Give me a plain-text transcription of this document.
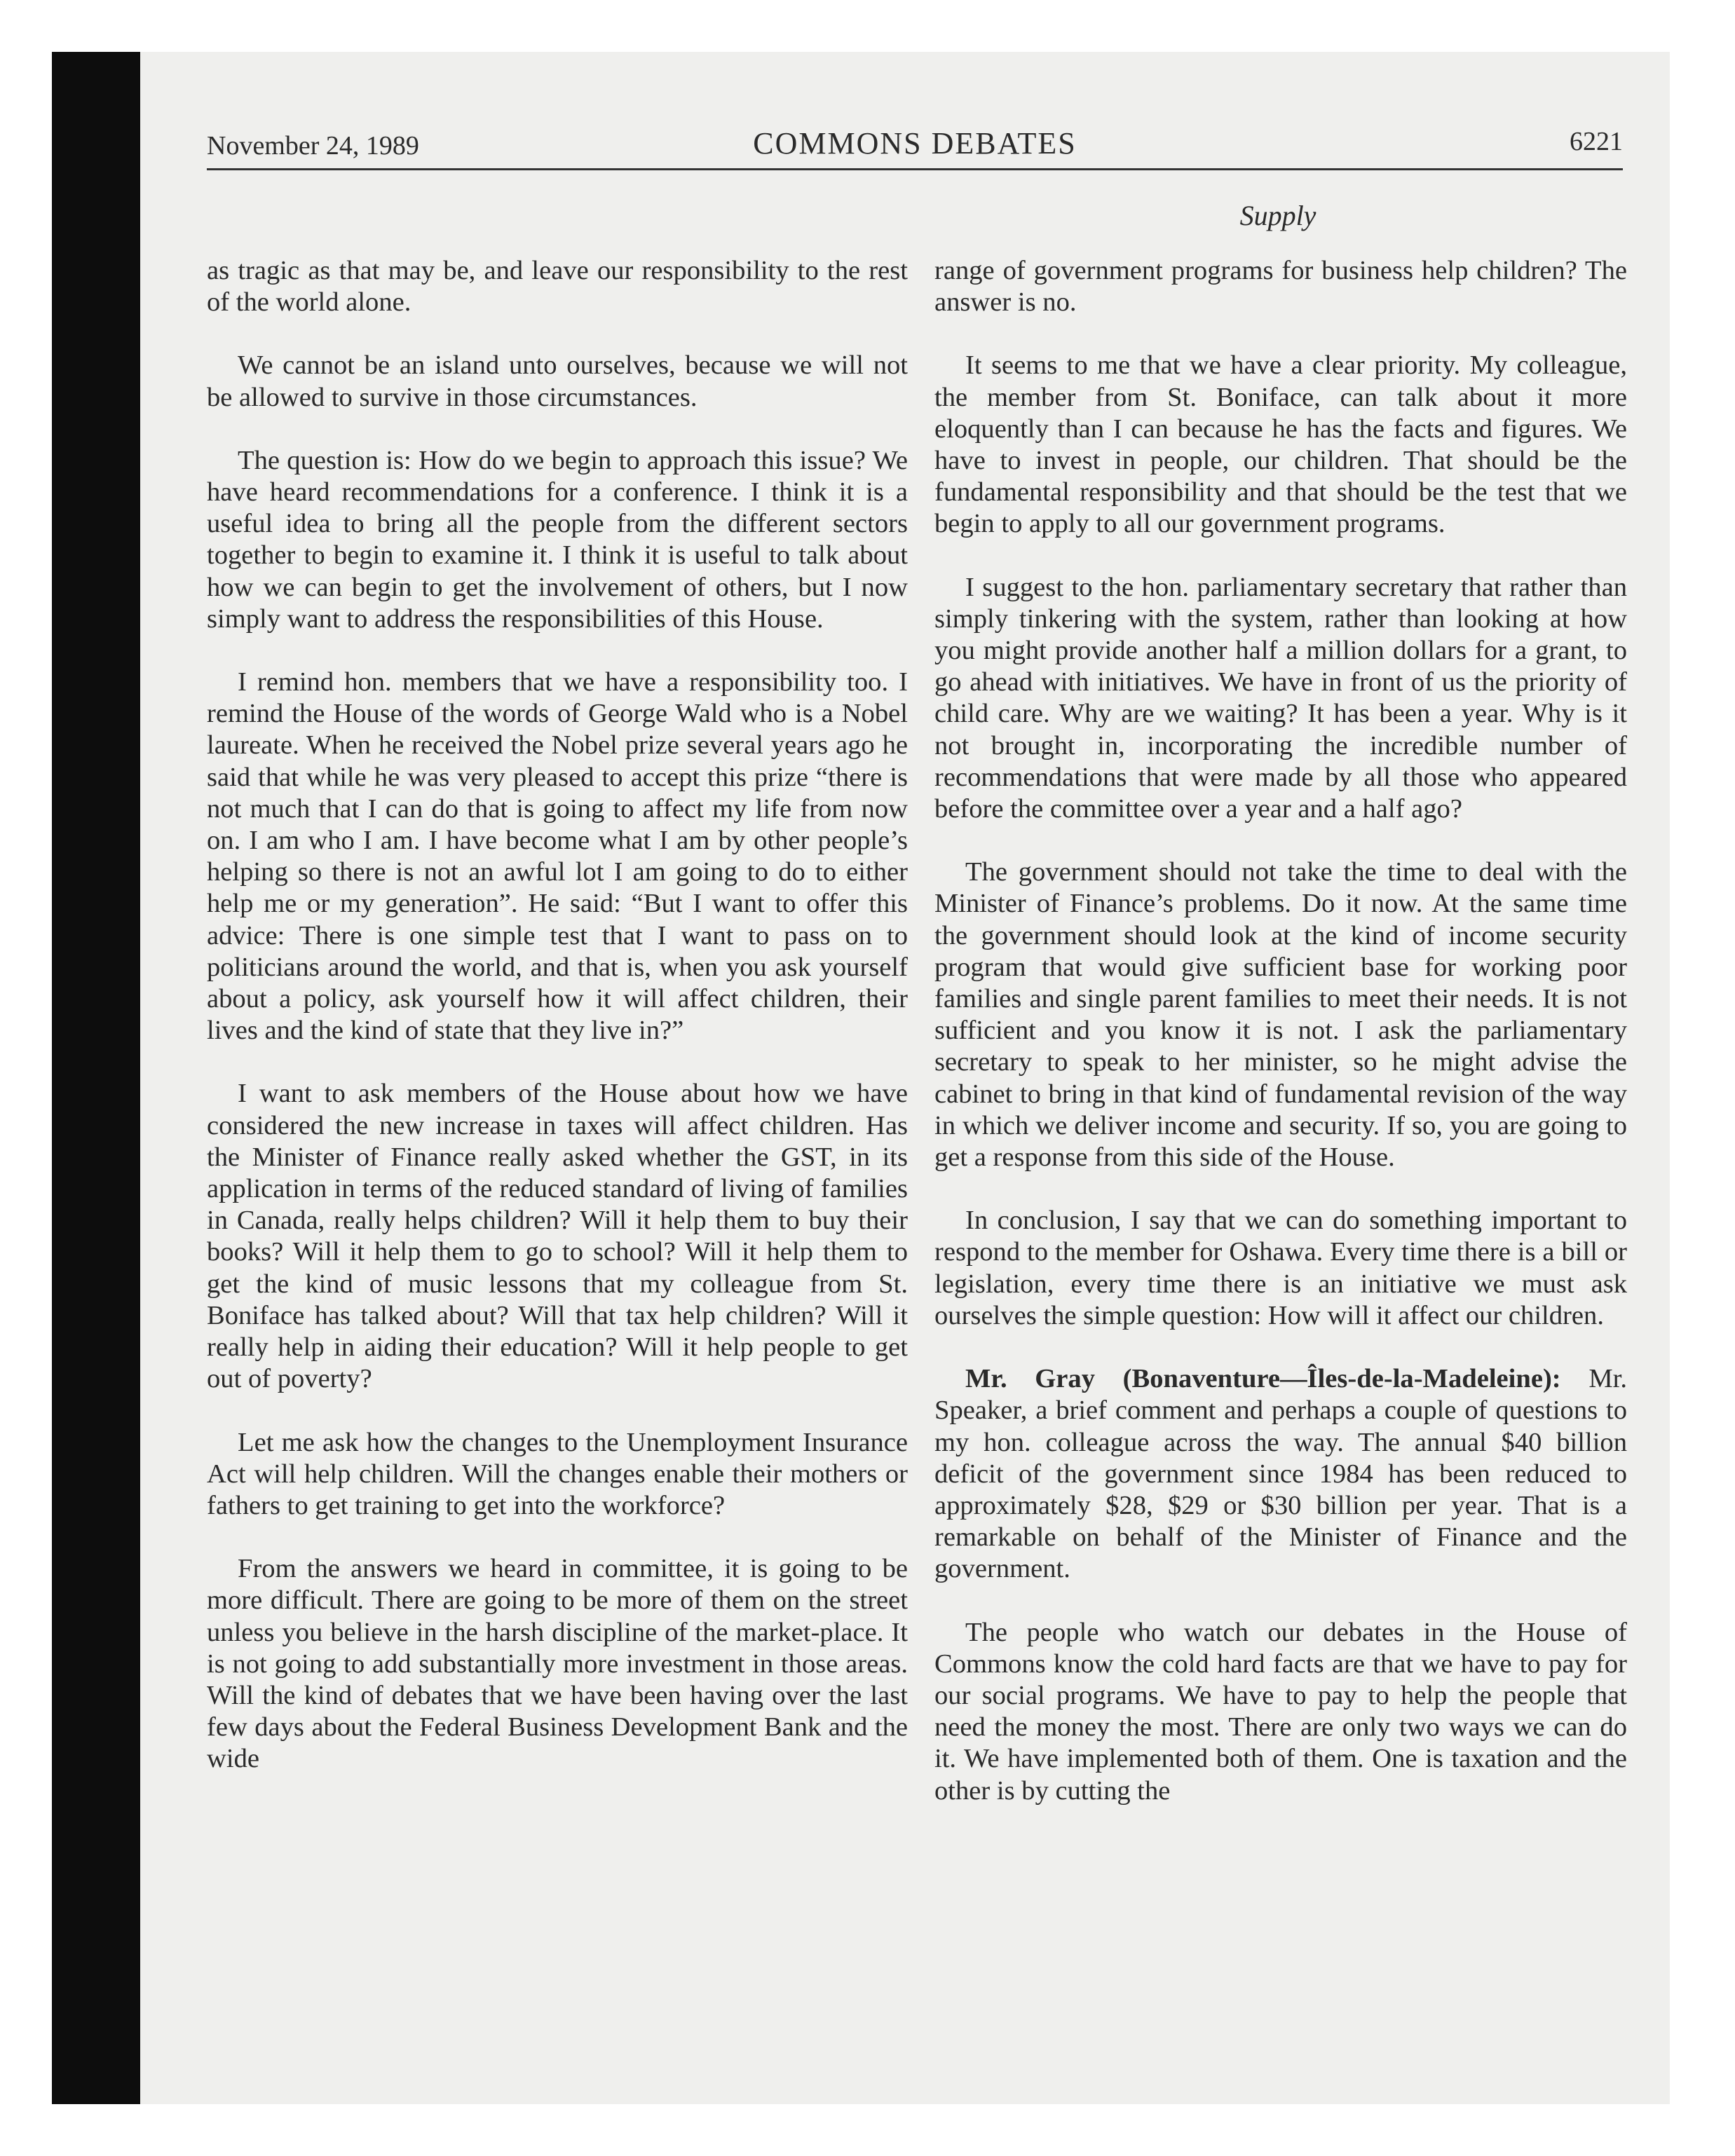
November 24, 1989	COMMONS DEBATES	6221
Supply

as tragic as that may be, and leave our responsibility to the rest of the world alone.

We cannot be an island unto ourselves, because we will not be allowed to survive in those circumstances.

The question is: How do we begin to approach this issue? We have heard recommendations for a conference. I think it is a useful idea to bring all the people from the different sectors together to begin to examine it. I think it is useful to talk about how we can begin to get the involvement of others, but I now simply want to address the responsibilities of this House.

I remind hon. members that we have a responsibility too. I remind the House of the words of George Wald who is a Nobel laureate. When he received the Nobel prize several years ago he said that while he was very pleased to accept this prize “there is not much that I can do that is going to affect my life from now on. I am who I am. I have become what I am by other people’s helping so there is not an awful lot I am going to do to either help me or my generation”. He said: “But I want to offer this advice: There is one simple test that I want to pass on to politicians around the world, and that is, when you ask yourself about a policy, ask yourself how it will affect children, their lives and the kind of state that they live in?”

I want to ask members of the House about how we have considered the new increase in taxes will affect children. Has the Minister of Finance really asked whether the GST, in its application in terms of the reduced standard of living of families in Canada, really helps children? Will it help them to buy their books? Will it help them to go to school? Will it help them to get the kind of music lessons that my colleague from St. Boniface has talked about? Will that tax help children? Will it really help in aiding their education? Will it help people to get out of poverty?

Let me ask how the changes to the Unemployment Insurance Act will help children. Will the changes enable their mothers or fathers to get training to get into the workforce?

From the answers we heard in committee, it is going to be more difficult. There are going to be more of them on the street unless you believe in the harsh discipline of the market-place. It is not going to add substantially more investment in those areas. Will the kind of debates that we have been having over the last few days about the Federal Business Development Bank and the wide

range of government programs for business help children? The answer is no.

It seems to me that we have a clear priority. My colleague, the member from St. Boniface, can talk about it more eloquently than I can because he has the facts and figures. We have to invest in people, our children. That should be the fundamental responsibility and that should be the test that we begin to apply to all our government programs.

I suggest to the hon. parliamentary secretary that rather than simply tinkering with the system, rather than looking at how you might provide another half a million dollars for a grant, to go ahead with initiatives. We have in front of us the priority of child care. Why are we waiting? It has been a year. Why is it not brought in, incorporating the incredible number of recommendations that were made by all those who appeared before the committee over a year and a half ago?

The government should not take the time to deal with the Minister of Finance’s problems. Do it now. At the same time the government should look at the kind of income security program that would give sufficient base for working poor families and single parent families to meet their needs. It is not sufficient and you know it is not. I ask the parliamentary secretary to speak to her minister, so he might advise the cabinet to bring in that kind of fundamental revision of the way in which we deliver income and security. If so, you are going to get a response from this side of the House.

In conclusion, I say that we can do something important to respond to the member for Oshawa. Every time there is a bill or legislation, every time there is an initiative we must ask ourselves the simple question: How will it affect our children.

Mr. Gray (Bonaventure—Îles-de-la-Madeleine): Mr. Speaker, a brief comment and perhaps a couple of questions to my hon. colleague across the way. The annual $40 billion deficit of the government since 1984 has been reduced to approximately $28, $29 or $30 billion per year. That is a remarkable on behalf of the Minister of Finance and the government.

The people who watch our debates in the House of Commons know the cold hard facts are that we have to pay for our social programs. We have to pay to help the people that need the money the most. There are only two ways we can do it. We have implemented both of them. One is taxation and the other is by cutting the
